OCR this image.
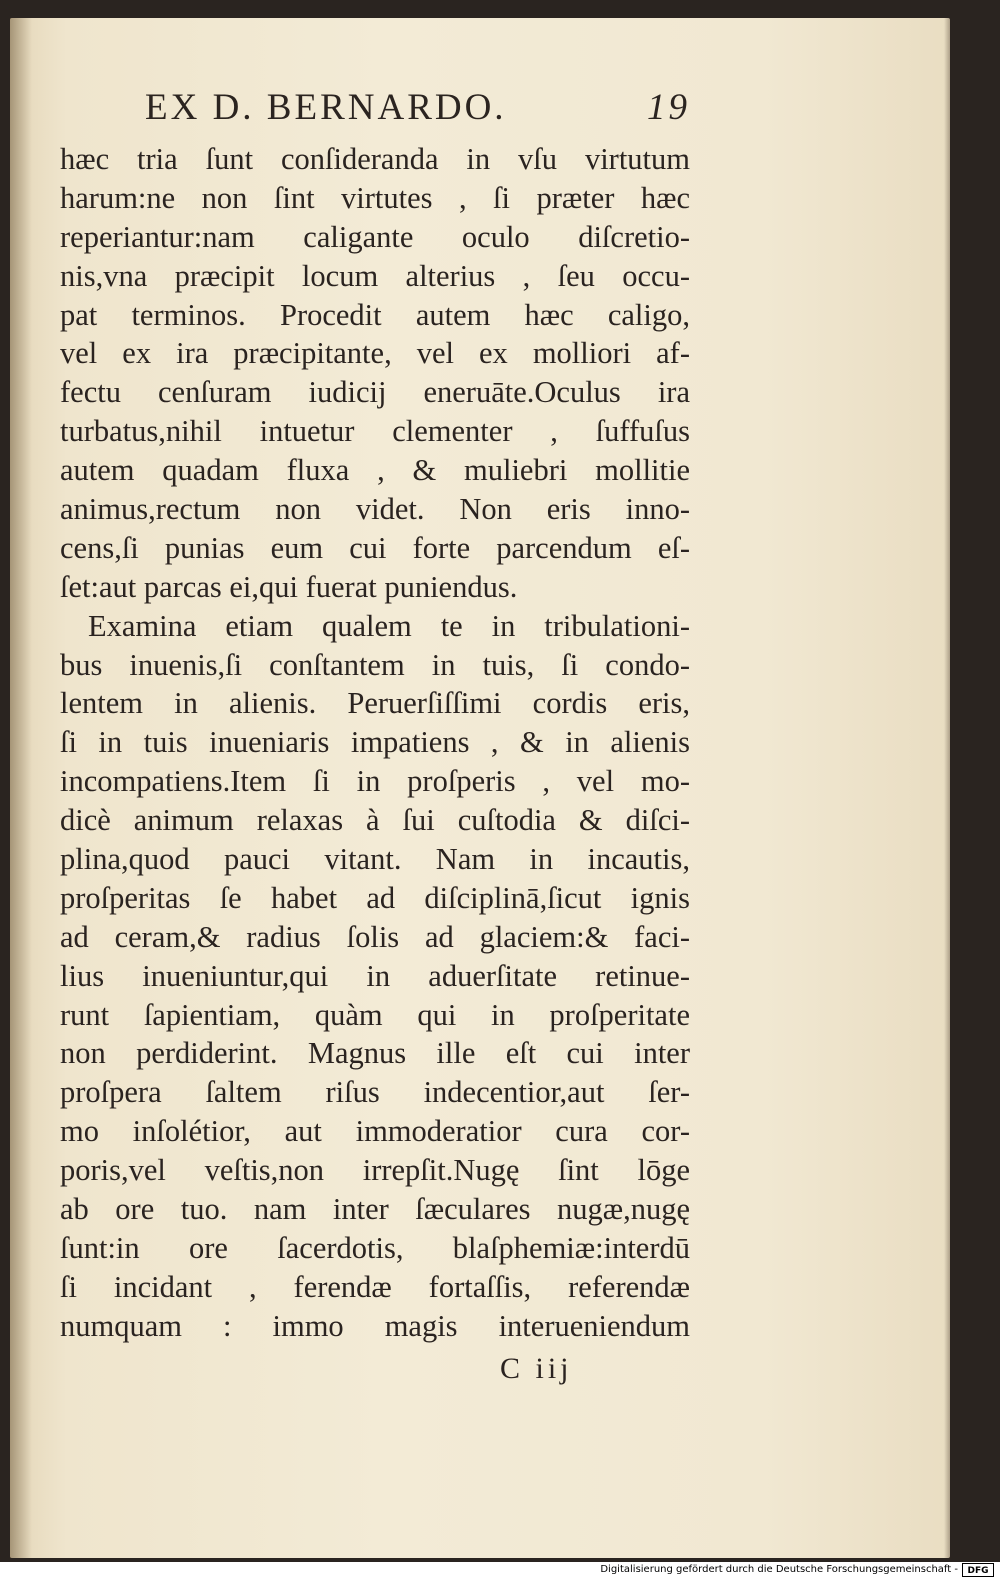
EX D. BERNARDO.	19
hæc tria ſunt conſideranda in vſu virtutum
harum:ne non ſint virtutes , ſi præter hæc
reperiantur:nam caligante oculo diſcretio-
nis,vna præcipit locum alterius , ſeu occu-
pat terminos. Procedit autem hæc caligo,
vel ex ira præcipitante, vel ex molliori af-
fectu cenſuram iudicij eneruāte.Oculus ira
turbatus,nihil intuetur clementer , ſuffuſus
autem quadam fluxa , & muliebri mollitie
animus,rectum non videt. Non eris inno-
cens,ſi punias eum cui forte parcendum eſ-
ſet:aut parcas ei,qui fuerat puniendus.
Examina etiam qualem te in tribulationi-
bus inuenis,ſi conſtantem in tuis, ſi condo-
lentem in alienis. Peruerſiſſimi cordis eris,
ſi in tuis inueniaris impatiens , & in alienis
incompatiens.Item ſi in proſperis , vel mo-
dicè animum relaxas à ſui cuſtodia & diſci-
plina,quod pauci vitant. Nam in incautis,
proſperitas ſe habet ad diſciplinā,ſicut ignis
ad ceram,& radius ſolis ad glaciem:& faci-
lius inueniuntur,qui in aduerſitate retinue-
runt ſapientiam, quàm qui in proſperitate
non perdiderint. Magnus ille eſt cui inter
proſpera ſaltem riſus indecentior,aut ſer-
mo inſolétior, aut immoderatior cura cor-
poris,vel veſtis,non irrepſit.Nugę ſint lōge
ab ore tuo. nam inter ſæculares nugæ,nugę
ſunt:in ore ſacerdotis, blaſphemiæ:interdū
ſi incidant , ferendæ fortaſſis, referendæ
numquam : immo magis interueniendum
C iij
Digitalisierung gefördert durch die Deutsche Forschungsgemeinschaft -	DFG
